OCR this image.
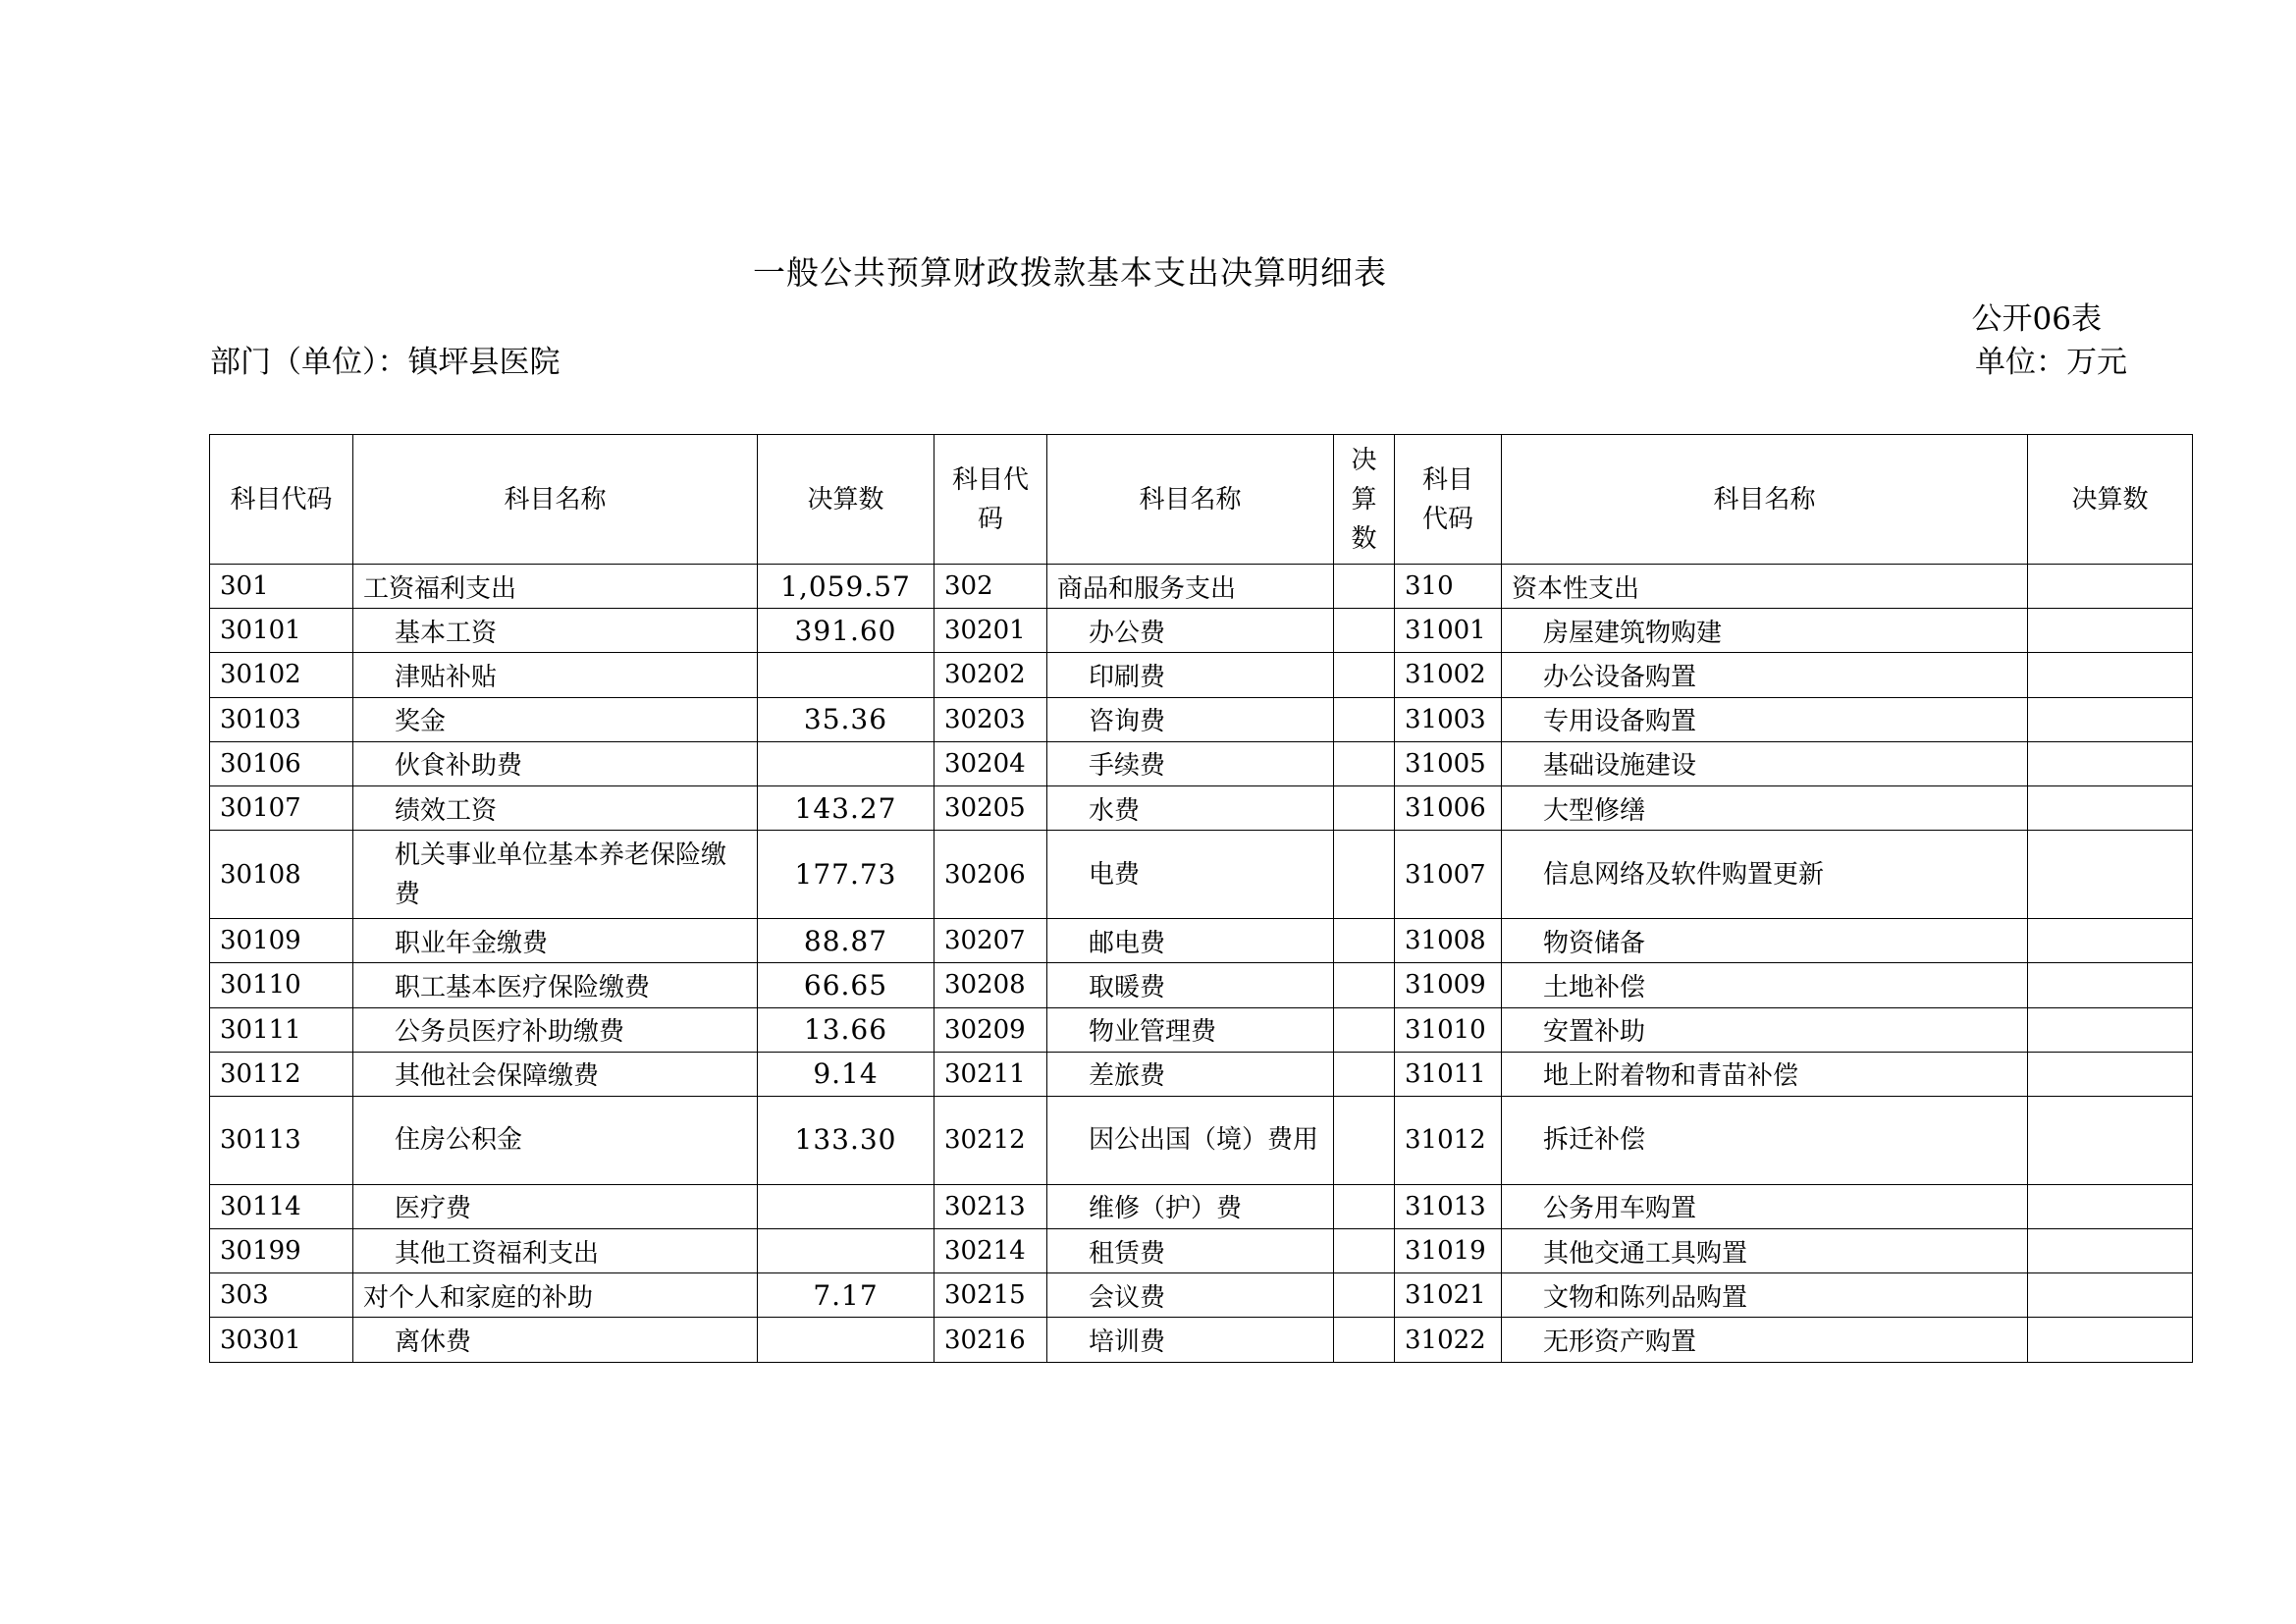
一般公共预算财政拨款基本支出决算明细表
公开06表
部门（单位）：镇坪县医院	单位：万元
科目代码	科目名称	决算数	科目代码	科目名称	决算数	科目代码	科目名称	决算数
301	工资福利支出	1,059.57	302	商品和服务支出		310	资本性支出	
30101	基本工资	391.60	30201	办公费		31001	房屋建筑物购建	
30102	津贴补贴		30202	印刷费		31002	办公设备购置	
30103	奖金	35.36	30203	咨询费		31003	专用设备购置	
30106	伙食补助费		30204	手续费		31005	基础设施建设	
30107	绩效工资	143.27	30205	水费		31006	大型修缮	
30108	机关事业单位基本养老保险缴费	177.73	30206	电费		31007	信息网络及软件购置更新	
30109	职业年金缴费	88.87	30207	邮电费		31008	物资储备	
30110	职工基本医疗保险缴费	66.65	30208	取暖费		31009	土地补偿	
30111	公务员医疗补助缴费	13.66	30209	物业管理费		31010	安置补助	
30112	其他社会保障缴费	9.14	30211	差旅费		31011	地上附着物和青苗补偿	
30113	住房公积金	133.30	30212	因公出国（境）费用		31012	拆迁补偿	
30114	医疗费		30213	维修（护）费		31013	公务用车购置	
30199	其他工资福利支出		30214	租赁费		31019	其他交通工具购置	
303	对个人和家庭的补助	7.17	30215	会议费		31021	文物和陈列品购置	
30301	离休费		30216	培训费		31022	无形资产购置	
